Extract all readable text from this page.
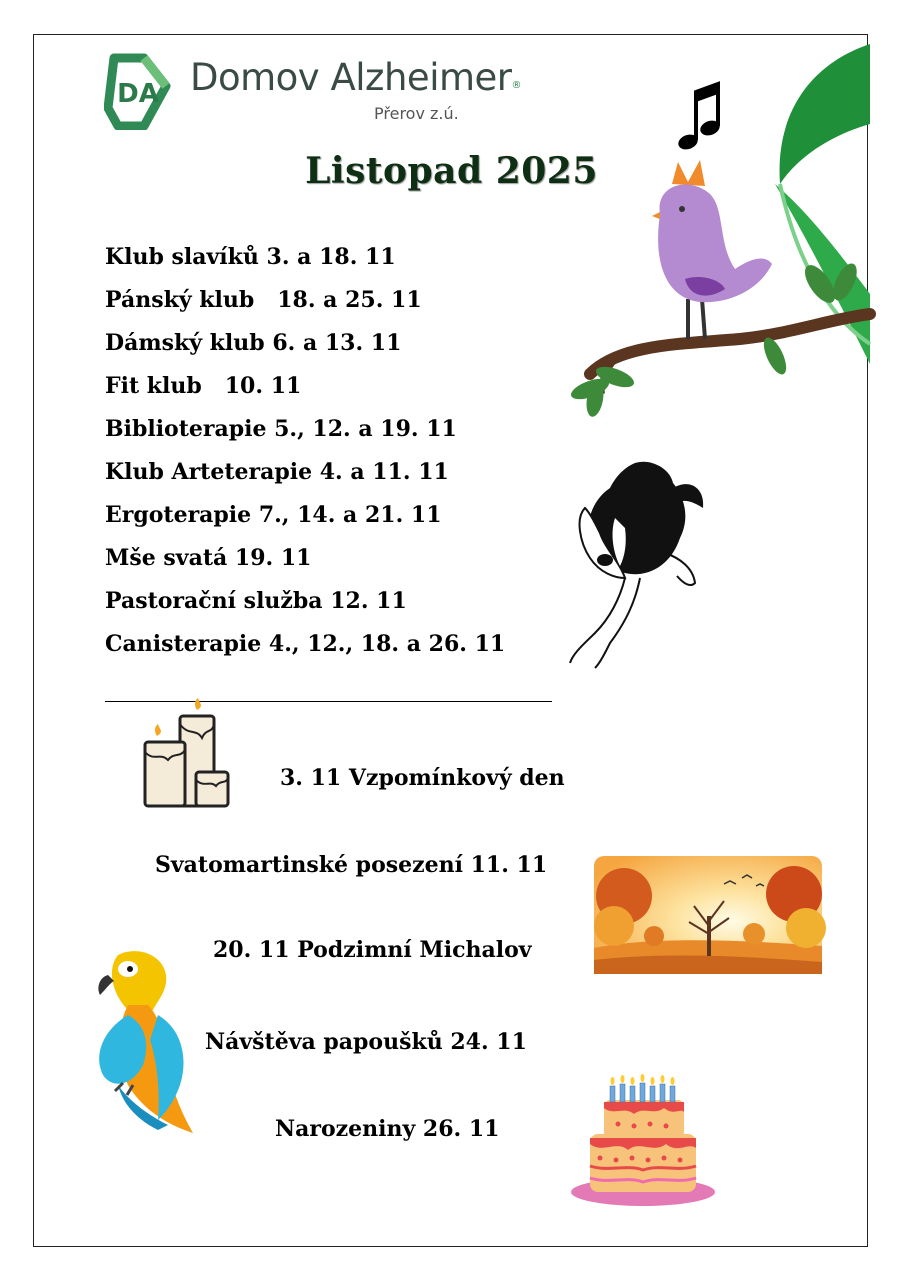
DA Domov Alzheimer®
Přerov z.ú.
Listopad 2025
Klub slavíků 3. a 18. 11
Pánský klub   18. a 25. 11
Dámský klub 6. a 13. 11
Fit klub   10. 11
Biblioterapie 5., 12. a 19. 11
Klub Arteterapie 4. a 11. 11
Ergoterapie 7., 14. a 21. 11
Mše svatá 19. 11
Pastorační služba 12. 11
Canisterapie 4., 12., 18. a 26. 11
3. 11 Vzpomínkový den
Svatomartinské posezení 11. 11
20. 11 Podzimní Michalov
Návštěva papoušků 24. 11
Narozeniny 26. 11
